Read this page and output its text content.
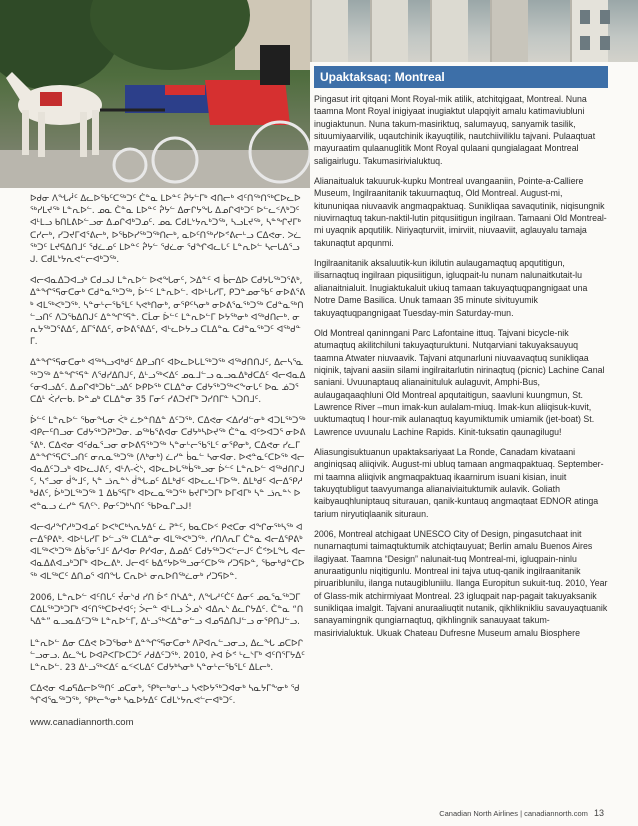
ᐅᑯᓂ ᐱᖓᓲᑦ ᐃᓚᐅᖃᑦᑕᖅᑐᑦ ᑖᓐᓇ ᒪᐅᓐᑦ ᕉᔭᓪᒥᒃ ᐊᑎᓕᒃ ᐊᑦᑎᖅᑎᖅᑕᐅᓚᐅᖅᓯᒪᔪᖅ ᒪᓐᕆᐅᓪ. ᓄᓇ ᑖᓐᓇ ᒪᐅᓐᑦ ᕉᔭᓪ ᐃᓂᒋᔭᖓ ᐃᓄᒋᐊᒃᑐᑦ ᐅᓪᓚᑉᐱᒃᑐᑦ ᐊᒻᒪᓗ ᑲᑎᒪᕕᐅᓪᓗᓂ ᐃᓄᒋᐊᒃᑐᓄᑦ. ᓄᓇ ᑕᑯᒪᔾᔭᕆᒃᑐᖅ, ᓴᓗᒪᔪᖅ, ᓴᓐᖏᔪᒥᒃ ᑕᓯᓕᒃ, ᓯᑐᔪᒥᐊᕐᕕᓕᒃ, ᐅᖃᐅᓯᖅᑐᖅᑎᓕᒃ, ᓇᐅᑦᑎᖅᓯᐅᕝᕕᓕᒡᓗ ᑕᐃᕙᓂ. ᐳᓛᖅᑐᑦ ᒪᔪᕋᐃᑎᒧᑦ ᖁᓛᓄᑦ ᒪᐅᓐᑦ ᕉᔭᓪ ᖁᓛᓂ ᖁᖏᐊᓚᒐᑦ ᒪᓐᕆᐅᓪ ᓴᓕᒐᐃᕐᓗᒍ. ᑕᑯᒪᔾᔭᕆᕙᓪᓕᐊᒃᑐᖅ.

ᐊᓕᐊᓇᐃᑐᐊᓗᒃ ᑕᑯᓗᒍ ᒪᓐᕆᐅᓪ ᐅᕙᖓᓂᑦ, ᐳᐃᓐᑦ ᐊ ᑳᓕᐃᐅ ᑕᑯᔭᒐᖅᑐᕐᕕᒃ, ᐃᓐᖏᕐᕋᓂᑕᓂᒃ ᑕᑯᓐᓇᖅᑐᖅ, ᐆᓪᑦ ᒪᓐᕆᐅᓪ. ᐊᐅᒡᒐᓯᒥ, ᑭᑐᓐᓄᓂᖃᑦ ᓂᐅᕕᕐᕕᒃ ᐊᒪᖅᐸᒃᑐᖅ. ᓴᓐᓂᒡᓕᖃᕐᒪᑦ ᓴᕙᒃᑎᓂᒃ, ᓂᕿᑦᓴᓂᒃ ᓂᐅᕕᕐᓇᖅᑐᖅ ᑕᑯᓐᓇᖅᑎᓪᓗᑎᑦ ᐱᑐᖃᐃᑎᒍᑦ ᐃᓐᖏᕐᕋᓐ. ᑕᒫᓂ ᐆᓪᑦ ᒪᓐᕆᐅᓪᒥ ᐅᔭᖅᓂᒃ ᐊᖅᑯᑎᓕᒃ. ᓂᕆᔭᖅᑐᕐᕕᐃᑦ, ᐃᒥᕐᕕᐃᑦ, ᓂᐅᕕᕐᕕᐃᑦ, ᐊᒡᓚᐅᔭᓗ ᑕᒪᐃᓐᓇ ᑕᑯᓐᓇᖅᑐᑦ ᐊᖅᑯᓐᒥ.

ᐃᓐᖏᕐᕋᓂᑕᓂᒃ ᐊᖅᓴᓗᐊᒃᑯᑦ ᐃᑭᓗᑎᑦ ᐊᐅᓚᐅᒐᒪᖅᑐᖅ ᐊᖅᑯᑎᑎᒍᑦ, ᐃᓕᓴᕐᓇᖅᑐᖅ ᐃᓐᖏᕐᕋᓐ ᐱᖁᓯᐃᑎᒍᑦ, ᐃᒡᓗᖅᐸᐃᑦ ᓄᓇᒧᓪᓗ ᓇᓗᓇᐃᒃᑯᑕᐃᑦ ᐊᓕᐊᓇᐃᑦᓂᐊᓗᐃᑦ. ᐃᓄᒋᐊᒃᑐᑲᓪᓗᐃᑦ ᐅᑭᐅᖅ ᑕᒪᐃᓐᓂ ᑕᑯᔭᖅᑐᖅᐸᖕᓂᒐᑦ ᐅᓇ ᓅᑐᕐ ᑕᐃᒻ ᐹᓯᓕᑲ. ᐅᓐᓄᒃ ᑕᒪᐃᓐᓂ 35 ᒥᓂᑦ ᓯᕕᑐᔪᒥᒃ ᑐᓯᑎᒥᓐ ᓴᑐᑎᒧᑦ.

ᐆᓪᑦ ᒪᓐᕆᐅᓪ ᖃᓂᖓᓂ ᐹᒃ ᓛᕗᓐᑎᐃᓐ ᐃᑦᑐᖅ. ᑕᐃᕙᓂ ᐸᐃᓯᑯᓪᓂᒃ ᐊᑐᒪᖅᑐᖅ ᐊᑭᓕᑦᑎᓗᓂ ᑕᑯᔭᖅᑐᕈᒃᑐᓂ. ᓄᖅᑲᕐᕕᐊᓂ ᑕᑯᔭᒃᓴᐅᔪᖅ ᑖᓐᓇ ᐊᑦᕗᐊᑐᕐ ᓂᐅᕕᕐᕕᒃ. ᑕᐃᕙᓂ ᐊᑦᑯᓇᕐᓗᓂ ᓂᐅᕕᕋᖅᑐᖅ ᓴᓐᓂᒡᓕᖃᕐᒪᑦ ᓂᕿᓂᒃ, ᑕᐃᕙᓂ ᓯᓚᒥ ᐃᓐᖏᕐᕋᑕᕐᓗᑎᑦ ᓂᕆᓇᖅᑐᖅ (ᐱᒃᓂᒃ) ᓛᓯᓐ ᑳᓇᓪ ᓴᓂᐊᓂ. ᐅᕙᓐᓇᑦᑕᐅᖅ ᐊᓕᐊᓇᐃᑦᑐᓗᒃ ᐊᐅᓚᒍᕕᑦ, ᐊᒻᐱ-ᐹᔅ, ᐊᐅᓚᐅᒐᖅᑳᖅᓗᓂ ᐆᓪᑦ ᒪᓐᕆᐅᓪ ᐊᖅᑯᑎᒋᒍᑦ, ᓴᕝᓗᓂ ᑰᖕᒧᑦ, ᓴᓐ ᓘᕆᓐᔅ ᑰᖓᓄᑦ ᐃᒪᒃᑯᑦ ᐊᐅᓚᓚᒻᒥᐅᖅ. ᐃᒪᒃᑯᑦ ᐊᓕᐃᕿᓱᒃᑯᕕᑦ, ᐆᒃᑐᒪᖅᑐᖅ 1 ᐃᑲᕐᕋᒥᒃ ᐊᐅᓚᓇᖅᑐᖅ ᑲᔪᒥᒃᑐᒥᒃ ᐅᒥᐊᒥᒃ ᓴᓐ ᓘᕆᓐᔅ ᐅᕙᓐᓇᓗ ᓛᓯᓐ ᕋᐱᑦᔅ. ᑭᓂᑦᑐᒃᓴᑎᑦ ᖃᐅᓇᒋᓗᒍ!

ᐊᓕᐊᓱᖏᓱᒃᑐᐊᓄᑦ ᐅᐸᒃᑕᒃᓴᕆᔭᐃᑦ ᓛ ᕈᓐᑦ, ᑲᓇᑕᐅᑉ ᑭᕙᑕᓂ ᐊᖏᓂᖅᓴᖅ ᐊᓕᐃᕿᕕᒃ. ᐊᐅᒡᒐᓯᒥ ᐅᓪᓗᖅ ᑕᒪᐃᓐᓂ ᐊᒪᖅᐸᒃᑐᖅ. ᓯᑎᐱᕆᒥ ᑖᓐᓇ ᐊᓕᐃᕿᕕᒃ ᐊᒪᖅᐸᒃᑐᖅ ᐃᑳᕐᓂᕐᒧᑦ ᐃᓱᐊᓂ ᑭᓯᐊᓂ, ᐃᓄᐃᑦ ᑕᑯᔭᖅᑐᐸᓪᓕᒍᑦ ᑖᕝᕗᒪᖓ ᐊᓕᐊᓇᐃᕕᐊᓗᒃᑐᒥᒃ ᐊᐅᓚᕕᒃ. ᒍᓕᐊᑦ ᑲᐃᕝᔭᐅᖅᓗᓂᑦᑕᐅᖅ ᓯᑐᕋᐅᓐ, ᖃᓂᒃᑯᓐᑕᐅᖅ ᐊᒪᖅᑕᑦ ᐃᑎᓄᕐ ᐊᑎᖓ ᑕᕆᐅᒻ ᓂᕆᐅᑎᖅᓛᓂᒃ ᓯᑐᕋᐅᓐ.

2006, ᒪᓐᕆᐅᓪ ᐊᑦᑎᒐᑦ ᔫᓂᔅᑯ ᓯᑎ ᐆᕝ ᑎᓴᐃᓐ, ᐱᖓᓱᑦᑖᑦ ᐃᓂᑦ ᓄᓇᕐᓇᖅᑐᒥ ᑕᐃᒪᖅᑐᒃᑐᒥᒃ ᐊᑦᑎᖅᑕᐅᔪᐊᑦ; ᐴᓕᓐ ᐊᒻᒪᓗ ᐴᓄᔅ ᐊᐃᕆᔅ ᐃᓚᒋᔭᐃᑦ. ᑖᓐᓇ “ᑎᓴᐃᓐ” ᓇᓗᓇᐃᑦᑐᖅ ᒪᓐᕆᐅᓪᒥ, ᐃᒡᓗᖅᐸᐃᓐᓂᓪᓗ ᐊᓄᕋᐃᑎᒍᓪᓗ ᓂᕿᑎᒍᓪᓗ.

ᒪᓐᕆᐅᓪ ᐃᓂ ᑕᐃᕙ ᐅᑐᖃᓂᒃ ᐃᓐᖏᕐᕋᓂᑕᓂᒃ ᐱᕈᐊᕆᓪᓗᓂᓗ, ᐃᓚᖓ ᓄᑕᐅᒋᓪᓗᓂᓗ. ᐃᓚᖓ ᐅᐊᕈᐸᒥᐅᑕᑐᑦ ᓱᑯᐃᑦᑐᖅ. 2010, ᔨᐊ ᐆᕝ ᒡᓚᔅᒥᒃ ᐊᑦᑎᕐᒥᔭᐃᑦ ᒪᓐᕆᐅᓪ. 23 ᐃᒡᓗᖅᐸᐃᑦ ᓇᑉᐸᒐᐃᑦ ᑕᑯᔭᒃᓴᓂᒃ ᓴᓐᓂᒡᓕᖃᕐᒪᑦ ᐃᒪᓕᒃ.

ᑕᐃᕙᓂ ᐊᓄᕋᐃᓕᐅᖅᑎᑦ ᓄᑕᓂᒃ, ᕿᒃᓕᒃᓂᒡᓗ ᓴᕙᐅᔭᖅᑐᐊᓂᒃ ᓴᓇᔭᒥᖕᓂᒃ ᖁᖏᐊᕐᓇᖅᑐᖅ, ᕿᒃᓕᖕᓂᒃ ᓴᓇᐅᔭᐃᑦ ᑕᑯᒪᔾᔭᕆᕙᓪᓕᐊᒃᑐᑦ.

www.canadiannorth.com
Upaktaksaq: Montreal

Pingasut irit qitqani Mont Royal-mik atilik, atchitqigaat, Montreal. Nuna taamna Mont Royal inigiyaat inugiaktut ulapqiyit amalu katimaviubluni inugiaktunun. Nuna takum-masiriktuq, salumayuq, sanyamik tasilik, situumiyaarvilik, uqautchinik ikayuqtilik, nautchiiviliklu tajvani. Pulaaqtuat mayuraatim qulaanuglitik Mont Royal qulaani qungialagaat Montreal saligairlugu. Takumasirivialuktuq.

Alianaitualuk takuuruk-kupku Montreal uvangaaniin, Pointe-a-Calliere Museum, Ingilraanitanik takuurnaqtuq, Old Montreal. August-mi, kitununiqaa niuvaavik angmaqpaktuaq. Sunikliqaa savaqutinik, niqisungnik niuvirnaqtuq takun-naktil-lutin pitqusiitigun ingilraan. Tamaani Old Montreal-mi uyaqnik apqutilik. Niriyaqturviit, imirviit, niuvaaviit, aglauyalu tamaja takunaqtut apqunmi.

Ingilraanitanik aksaluutik-kun ikilutin aulaugamaqtuq apqutitigun, ilisarnaqtuq ingilraan piqusiitigun, igluqpait-lu nunam nalunaitkutait-lu alianaitnialuit. Inugiaktukaluit ukiuq tamaan takuyaqtuqpangnigaat una Notre Dame Basilica. Unuk tamaan 35 minute sivituyumik takuyaqtuqpangnigaat Tuesday-min Saturday-mun.

Old Montreal qaninngani Parc Lafontaine ittuq. Tajvani bicycle-nik atumaqtuq akilitchiluni takuyaqturuktuni. Nutqarviani takuyaksauyuq taamna Atwater niuvaavik. Tajvani atqunarluni niuvaavaqtuq sunikliqaa niqinik, tajvani aasiin silami ingilraitarlutin nirinaqtuq (picnic) Lachine Canal saniani. Uvuunaptauq alianainituluk aulaguvit, Amphi-Bus, aulaugaqaaqhluni Old Montreal apqutaitigun, saavluni kuungmun, St. Lawrence River –mun imak-kun aulalam-miuq. Imak-kun aliiqisuk-kuvit, uuktumaqtuq I hour-mik aulanaqtuq kayumiktumik umiamik (jet-boat) St. Lawrence uvuunalu Lachine Rapids. Kinit-tuksatin qaunagilugu!

Aliasungisuktuanun upaktaksariyaat La Ronde, Canadam kivataani anginiqsaq aliiqivik. August-mi ubluq tamaan angmaqpaktuaq. September-mi taamna aliiqivik angmaqpaktuaq ikaarnirum isuani kisian, inuit takuyqtubligut taavyumanga alianaiviaituktumik aulavik. Goliath kaibyauqhluniptauq siturauan, qanik-kuntauq angmaqtaat EDNOR atinga tarium niryutiqlaanik situraun.

2006, Montreal atchigaat UNESCO City of Design, pingasutchaat init nunarnaqtumi taimaqtuktumik atchiqtauyuat; Berlin amalu Buenos Aires ilagiyaat. Taamna “Design” nalunait-tuq Montreal-mi, igluqpain-ninlu anuraatigunlu niqitigunlu. Montreal ini tajva utuq-qanik ingilraanitanik piruariblunilu, ilanga nutaugibluniilu. Ilanga Europitun sukuit-tuq. 2010, Year of Glass-mik atchirmiyaat Montreal. 23 igluqpait nap-pagait takuyaksanik sunikliqaa imalgit. Tajvani anuraaliuqtit nutanik, qikhliknikliu savauyaqtuanik sanayamingnik qungiarnaqtuq, qikhlingnik sanauyaat takum-masirivialuktuk. Ukuak Chateau Dufresne Museum amalu Biosphere

Canadian North Airlines | canadiannorth.com 13
